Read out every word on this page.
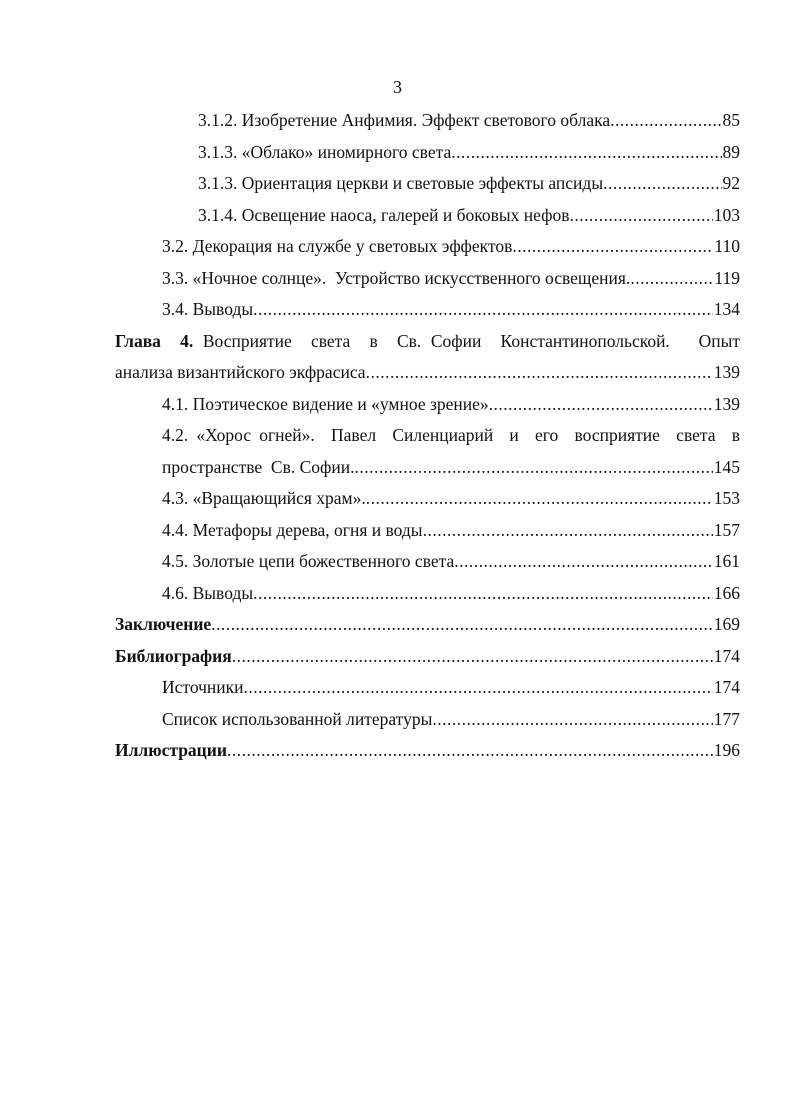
3
3.1.2. Изобретение Анфимия. Эффект светового облака .....	85
3.1.3. «Облако» иномирного света .....	89
3.1.3. Ориентация церкви и световые эффекты апсиды .....	92
3.1.4. Освещение наоса, галерей и боковых нефов .....	103
3.2. Декорация на службе у световых эффектов .....	110
3.3. «Ночное солнце».  Устройство искусственного освещения. .....	119
3.4. Выводы .....	134
Глава  4. Восприятие  света  в  Св. Софии  Константинопольской.   Опыт
анализа византийского экфрасиса .....	139
4.1. Поэтическое видение и «умное зрение» .....	139
4.2. «Хорос огней».  Павел  Силенциарий  и  его  восприятие  света  в
пространстве  Св. Софии. .....	145
4.3. «Вращающийся храм». .....	153
4.4. Метафоры дерева, огня и воды .....	157
4.5. Золотые цепи божественного света .....	161
4.6. Выводы .....	166
Заключение .....	169
Библиография .....	174
Источники .....	174
Список использованной литературы .....	177
Иллюстрации .....	196
